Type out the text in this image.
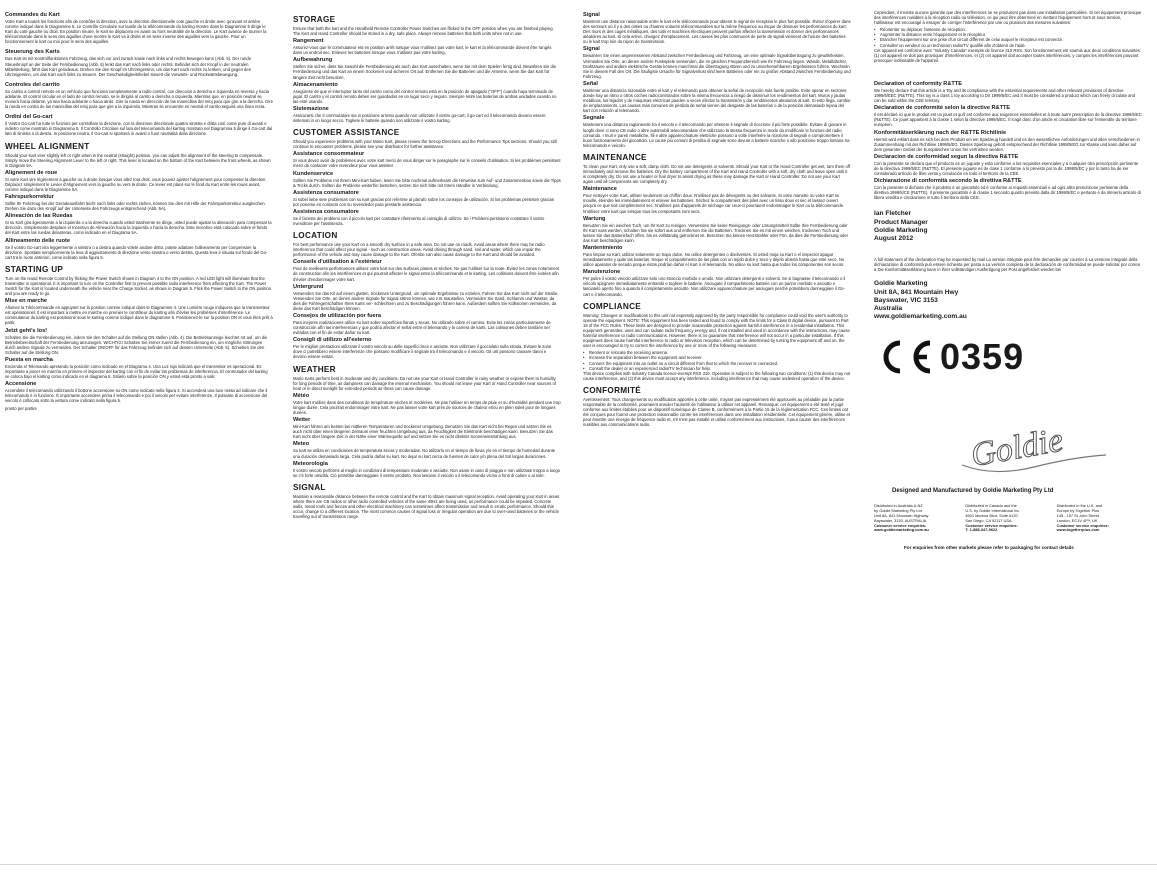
Commandes du Kart
Votre Kart a toutes les fonctions afin de contrôler la direction, avec la direction directionnelle cote gauche et droite avec qu'avant et arrière comme indiqué dans le Diagramme 5. Le Contrôle Circulaire sur lautile de la télécommande du karting montre dans le Diagramme 5 dirige le Kart du coté gauche ou droit. En position neutre, le Kart se déplacera en avant ou hors neutralité de la direction. Le Kart avance de tourner la télécommande dans le sens des aiguilles d'une montre le Kart va à droite et en sens inverse des aiguilles vers la gauche. Pour un fonctionnement le kart ou moi pour le sens des aiguilles.
Steuerung des Karts
Das Kart ist mit Kontrollfunktionen Fahrzeug, das sich vor und zurück sowie nach links und rechts bewegen kann (Abb. 5). Der runde Steuerknopf an der Seite der Fernbedienung (Abb. 5) lenkt das Kart nach links oder rechts. Befindet sich der Knopf in der neutralen Mittelstellung, fährt das Kart geradeaus. Drehen Sie den Knopf im Uhrzeigersinn, um das Kart nach rechts zu lenken, und gegen den Uhrzeigersinn, um das Kart nach links zu steuern. Der Geschwindigkeitshebel steuert die Vorwärts- und Rückwärtsbewegung.
Controles del carrito
Su carrito a control remoto es un vehículo que funciona completamente a radio control, con dirección a derecha e izquierda en reversa y hacia adelante. El control circular en el lado de control remoto, se le dirigirá al carrito a derecha o izquierda. Mientras que, en posición neutral se moverá hacia delante, ya sea hacia adelante o hacia atrás. Gire la rueda en dirección de las manecillas del reloj para que gire a la derecha. Gire la rueda en contra de las manecillas del reloj para que gire a la izquierda. Mientras se encuentre en neutral el carrito seguirá una línea recta.
Ordini del Go-cart
Il Vostro Go-cart ha tutte le funzioni per controllare la direzione, con la direzione direzionale quattro sinistra e dritta così come pure di avanti e indietro come mostrato in Diagramma 5. Il Controllo Circolare sul lato del telecomando del karting mostrato nel Diagramma 5 dirige il Go-cart dal lato di sinistra o di destra. In posizione neutra, il Go-cart si sposterà in avanti o fuori neutralità della direzione.
WHEEL ALIGNMENT
Should your Kart veer slightly left or right when in the neutral (straight) position, you can adjust the alignment of the steering to compensate. Simply move the Steering Alignment Lever to the left or right. This lever is located on the bottom of the Kart between the front wheels, as shown in Diagram 5A.
Alignement de roue
Si votre Kart vire légèrement à gauche ou à droite lorsque vous allez tout droit, vous pouvez ajuster l'alignement pour compenser la direction. Déplacez simplement le Levier d'Alignement vers la gauche ou vers la droite. Ce levier est placé sur le fond du Kart entre les roues avant, comme indiqué dans le Diagramme 5A.
Fahrspurkorrektur
Sollte Ihr Fahrzeug bei der Geradeausfahrt leicht nach links oder rechts ziehen, können Sie dies mit Hilfe der Fahrspurkorrektur ausgleichen. Drehen Sie dazu den Knopf auf der Unterseite des Fahrzeugs entsprechend (Abb. 5A).
Alineación de las Ruedas
Si su Kart gira ligeramente a la izquierda o a la derecha cuando usted totalmente se dirige, usted puede ajustar la alineación para compensar la dirección. Simplemente desplace el Incentivo de Alineación hacia la izquierda o hacia la derecha. Este incentivo está colocado sobre el fondo del Kart entre las ruedas delanteras, como indicado en el Diagrama 5A.
Allineamento delle ruote
Se il vostro Go-cart vira leggermente a sinistra o a destra quando volete andare dritto, potete adattare l'allineamento per compensare la direzione. Spostate semplicemente la leva di aggiustamento di direzione verso sinistra o verso destra. Questa leva è situata sul fondo del Go-cart tra le ruote anteriori, come indicato nella figura 5.
STARTING UP
Turn on the Hand Remote Control by flicking the Power Switch shown in Diagram 4 to the ON position. A red LED light will illuminate that the transmitter is operational. It is important to turn on the Controller first to prevent possible radio interference from affecting the Kart. The Power Switch for the Kart is located underneath the vehicle near the Charge Socket, as shown in Diagram 5. Flick the Power Switch to the ON position and you are ready to go.
Mise en marche
Allumez la Télécommande en appuyant sur la position comme indiqué dans le Diagramme 4. Une Lumière rouge indiquera que la transmetteur est opérationnel. Il est important à mettre en marche en premier le contrôleur du karting afin d'éviter les problèmes d'interférence. Le commutateur du karting est positionné sous le karting comme indiqué dans le diagramme 5. Positionnez-le sur la position ON et vous êtes prêt à partir.
Jetzt geht's los!
Schalten Sie die Fernbedienung ein, indem Sie den Schalter auf die Stellung ON stellen (Abb. 4). Die Betriebsanzeige leuchtet rot auf, um die Betriebsbereitschaft der Fernbedienung anzuzeigen. WICHTIG! Schalten Sie immer zuerst die Fernbedienung ein, um mögliche Störungen durch andere Signale zu vermeiden. Der Schalter ON/OFF für das Fahrzeug befindet sich auf dessen Unterseite (Abb. 5). Schieben Sie den Schalter auf die Stellung ON.
Puesta en marcha
Encienda el Telemando apretando la posición como indicado en el Diagrama 4. Una Luz roja indicará que el transmisor es operacional. Es importante a poner en marcha en primero el inspector del karting con el fin de evitar los problemas de interferencia. El conmutador del karting se coloca bajo el karting como indicado en el diagrama 5. Sitúelo sobre la posición ON y usted está pronto a salir.
Accensione
Accendete il telecomando utilizzando il bottone accensione su ON come indicato nella figura 4. Si accenderà una luce rossa ad indicare che il telecomando è in funzione. È importante accendere prima il telecomando e poi il veicolo per evitare interferenze. Il pulsante di accensione del veicolo è collocato sotto la vettura come indicato nella figura 5.
prosto per partire
STORAGE
Ensure that both the kart and the Handheld Remote Controller Power Switches are flicked to the OFF position when you are finished playing. The Kart and Hand Controller should be stored in a dry, safe place. Always remove batteries that both units when not in use.
Rangement
Assurez-vous que le commutateur est en position arrêt lorsque vous n'utilisez pas votre kart, le kart et la télécommande doivent être rangés dans un endroit sec. Enlevez les batteries lorsque vous n'utilisez pas votre karting.
Aufbewahrung
Stellen Sie sicher, dass Sie sowohl die Fernbedienung als auch das Kart ausschalten, wenn Sie mit dem Spielen fertig sind. Bewahren Sie die Fernbedienung und das Kart an einem trockenen und sicheren Ort auf. Entfernen Sie die Batterien und die Antenne, wenn Sie das Kart für längere Zeit nicht benutzen.
Almacenamiento
Asegúrese de que el interruptor tanto del carrito como del control remoto está en la posición de apagado ("OFF") cuando haya terminado de jugar. El carrito y el control remoto deben ser guardados en un lugar seco y seguro. Siempre retire las baterías de ambas unidades cuando no las esté usando.
Sistemazione
Assicurarsi che il commutatore sia in posizione arresto quando non utilizzate il vostro go-cart; il go-cart ed il telecomando devono essere sistemati in un luogo secco. Togliete le batterie quando non utilizzate il vostro karting.
CUSTOMER ASSISTANCE
Should you experience problems with your Mario Kart, please review the Set-up Directions and the Performance Tips sections. Should you still continue to encounter problems, please see your distributor for further assistance.
Assistance consommateur
Si vous devez avoir de problèmes avec votre kart merci de vous diriger sur le paragraphe sur le conseils d'utilisation. Si les problèmes persistent merci de contacter votre revendeur pour vous assister.
Kundenservice
Sollten Sie Probleme mit Ihrem Mini-Kart haben, lesen Sie bitte nochmal aufmerksam die Hinweise zum Auf- und Zusammenbau sowie die Tipps & Tricks durch. Sollten die Probleme weiterhin bestehen, setzen Sie sich bitte mit Ihrem Händler in Verbindung.
Assistenza consumatore
Si sobel liebe sete problemas con su kart gracias por referirse al párrafo sobre los consejos de utilización. Si los problemas persisten gracias por ponerse en contacto con su revendedor para prestarle asistencia.
Assistenza consumatore
Se il faceste dei problemi con il piccolo kart per contattare riferimento al consiglio di utilizzo. Se i Problemi persistono contattare il vostro rivenditore per l'assistenza.
LOCATION
For best performance use your Kart on a smooth dry surface in a safe area. Do not use on roads. Avoid areas where there may be radio interference that could affect your signal - such as construction areas. Avoid driving through sand, soil and water, which can impair the performance of the vehicle and may cause damage to the Kart. Ofenbe can also cause damage to the Kart and should be avoided.
Conseils d'utilisation à l'extérieur
Pour de meilleures performances utilisez votre kart sur des surfaces planes et sèches. Ne pas l'utiliser sur la route. Évitez les zones notamment de construction afin les interférences et qui pourrait affecter le signal entre la télécommande et le karting. Les collisions doivent être évitées afin d'éviter d'endommager votre kart.
Untergrund
Verwenden Sie das Kit auf einem glatten, trockenen Untergrund, um optimale Ergebnisse zu erzielen. Fahren Sie das Kart nicht auf der Straße. Verwenden Sie Orte, an denen andere Signale für Signal stören können, wie z.B. Baustellen. Vermeiden Sie Sand, Schlamm und Wasser, da dies die Fahreigenschaften Ihres Karts ver- schlechtern und zu Beschädigungen führen kann. Außerdem sollten Sie Kollisionen vermeiden, da diese das Kart beschädigen können.
Consejos de utilización por fuera
Para mejores realizaciones utilice su kart sobre superficies llanas y secas. No utilizarlo sobre el camino. Evite las zonas particularmente de construcción afín las interferencias y que podría afectar el señal entre el telemando y la carrera de karts. Las colisiones deben también ser evitadas con el fin de evitar dañar su kart.
Consigli di utilizzo all'esterno
Per le migliori prestazioni utilizzate il vostro veicolo su delle superfici lisce e asciutte. Non utilizzare il gocciolato sulla strada. Evitare le zone dove ci potrebbero essere interferenze che possano modificare il segnale tra il telecomando e il veicolo. Gli urti possono causare danni e devono essere evitati.
WEATHER
Mario Karts perform best in moderate and dry conditions. Do not use your Kart or Hand Controller in rainy weather or expose them to humidity for long periods of time, as dampness can damage the internal mechanism. You should not leave your Kart or Hand Controller near sources of heat or in direct sunlight for extended periods as these can cause damage.
Météo
Votre kart s'utilise dans des conditions de température sèches et modérées. Ne pas l'utiliser en temps de pluie et ou d'humidité pendant une trop longue durée. Cela pourrait endommager votre kart. Ne pas laisser votre kart près de sources de chaleur et/ou en plein soleil pour de longues durées.
Wetter
Mini-Kart fahren am besten bei mittleren Temperaturen und trockener Umgebung. Benutzen Sie das Kart nicht bei Regen und setzen Sie es auch nicht über einen längeren Zeitraum einer feuchten Umgebung aus, da Feuchtigkeit die Elektronik beschädigen kann. Benutzen Sie das Kart nicht über längere Zeit in der Nähe einer Wärmequelle auf und setzen Sie es nicht direkter Sonneneinstrahlung aus.
Meteo
Su kart se utiliza en condiciones de temperatura secas y moderadas. No utilizarlo en el tiempo de lluvia y/o en el tiempo de humedad durante una duración demasiado larga. Cela podría dañar su kart. No dejar su kart cerca de fuentes de calor y/o plena del Sol largas duraciones.
Meteorologia
Il vostro veicolo performs al meglio in condizioni di temperature moderate e asciutte. Non usare in caso di pioggia e non utilizzate troppo a lungo se c'è forte umidità. Ciò potrebbe danneggiare il vostro prodotto. Non lasciare il veicolo o il telecomando vicino a fonti di calore o al sole.
SIGNAL
Maintain a reasonable distance between the remote control and the Kart to obtain maximum signal reception. Avoid operating your Kart in areas where there are CB radios or other radio controlled vehicles of the same 49Hz are being used, as performance could be impeded. Concrete walls, metal roofs and fences and other electrical machinery can sometimes affect transmission and result in erratic performance. Should this occur, change to a different location. The most common causes of signal loss or irregular operation are due to over-used batteries or the vehicle travelling out of transmission range.
Signal
Maintenir une distance raisonnable entre le kart et le télécommande pour obtenir le signal de réception le plus fort possible. Évitez d'opérer dans des secteurs où il y a des citées ou d'autres voitures télécommandées sur la même fréquence au risque de diminuer les performances du kart. Des murs et des cages métalliques, des toits et machines électriques peuvent parfois affecter la transmission et donner des performances aléatoires au kart. Si cela arrive, changez d'emplacement. Les causes les plus communes de perte de signal viennent de l'usure des batteries ou le kart trop loin du rayon de transmission.
Signal
Bewahren Sie einen angemessenen Abstand zwischen Fernbedienung und Fahrzeug, um eine optimale Signalübertragung zu gewährleisten. Vermeiden Sie Orte, an denen andere Funkspiele verwenden, die im gleichen Frequenzbereich wie Ihr Fahrzeug liegen. Wände, Metalldächer, Drahtzäune und andere elektrische Geräte können manchmal die Übertragung stören und zu unvorhersehbarem Ergebnissen führen. Wechseln Sie in diesem Fall den Ort. Die häufigste Ursache für Signalverlust sind leere Batterien oder ein zu großer Abstand zwischen Fernbedienung und Fahrzeug.
Señal
Mantener una distancia razonable entre el kart y el telemando para obtener la señal de recepción más fuerte posible. Evite operar en sectores donde hay un ritmo o otros coches radiocontrolados sobre la misma frecuencia a riesgo de disminuir los rendimientos del kart. Muros y jaulas metálicas, los tejados y de máquinas eléctricas pueden a veces afectar la transmisión y dar rendimientos aleatorios al kart. Si esto llega, cambie de emplazamiento. Las causas más comunes de pérdida de señal vienen del desgaste de las baterías o de la posición demasiado lejana del kart con relación al telemando.
Segnale
Mantenere una distanza ragionevole tra il veicolo e il telecomando per ottenere il segnale di ricezione il più forte possibile. Evitare di giocare in luoghi dove ci sono CB radio o altre automobili telecomandate che utilizzano la stessa frequenza in modo da modificare le funzioni del radio comando. I muri e pareti metalliche, fili e altre apparecchiature elettriche possono a volte interferire la ricezione di segnali e compromettere il buon funzionamento del giocattolo. Le cause più comuni di perdita di segnale sono dovute a batterie scariche o allo posizione troppo lontana tra telecomando e veicolo.
MAINTENANCE
To clean your Kart, only use a soft, damp cloth. Do not use detergents or solvents. Should your Kart or the Hand Controller get wet, turn them off immediately and remove the batteries. Dry the battery compartment of the Kart and Hand Controller with a soft, dry cloth and leave open until it is completely dry. Do not use a heater or hair dryer to assist drying as these may damage the Kart or Hand Controller. Do not use your Kart again until all components are completely dry.
Maintenance
Pour nettoyer votre Kart, utiliser seulement un chiffon doux. N'utilisez pas de détergents ou des solvants. Si votre manette ou votre Kart se mouillé, éteindre les immédiatement et enlever les batteries. Séchez le compartiment des piles avec un tissu doux et sec et laissez ouvert jusqu'à ce que soit complètement sec. N'utilisez pas d'appareils de séchage car ceux-ci pourraient endommager le Kart ou la télécommande. N'utilisez votre kart que lorsque tous les composants sont secs.
Wartung
Benutzen Sie ein weiches Tuch, um Ihr Kart zu reinigen. Verwenden Sie keine Reinigungs- oder Lösungsmittel! Sollte Ihre Fernbedienung oder Ihr Kart nass werden, schalten Sie sie sofort aus und entfernen Sie die Batterien. Trocknen Sie es mit einem weichen, trockenen Tuch und lassen Sie das Batteriefach offen, bis es vollständig getrocknet ist. Benutzen Sie keinen Heizstrahler oder Fön, da dies die Fernbedienung oder das Kart beschädigen kann.
Mantenimiento
Para limpiar su Kart, utilizar solamente un trapo dulce. No utilice detergentes o disolventes. Si usted moja su Kart o el inspector apagar inmediatamente y quite las baterías. Seque el compartimento de las pilas con un tejido dulce y seco y déjelo abierta hasta que esté seco. No utilice aparatos de secado porque éstos podrían dañar el Kart o el telemando. No utilice su kart hasta que todos los componentes son secos.
Manutenzione
Per pulire il vostro veicolo utilizzare solo uno straccio morbido e umido. Non utilizzare detergenti o solventi. Se si bagnasse il telecomando o il veicolo spegnere immediatamente entrambi e togliere le batterie. Asciugate il compartimento batterie con un panno morbido e asciutto e lasciatelo aperto fino a quando il completamente asciutto. Non utilizzare apparecchiature per asciugare perché potrebbero danneggiare il Go-cart o il telecomando.
COMPLIANCE
Warning: Changes or modifications to this unit not expressly approved by the party responsible for compliance could void the user's authority to operate the equipment. NOTE: This equipment has been tested and found to comply with the limits for a Class B digital device, pursuant to Part 15 of the FCC Rules. These limits are designed to provide reasonable protection against harmful interference in a residential installation. This equipment generates, uses and can radiate radio frequency energy and, if not installed and used in accordance with the instructions, may cause harmful interference to radio communications. However, there is no guarantee that interference will not occur in a particular installation. If this equipment does cause harmful interference to radio or television reception, which can be determined by turning the equipment off and on, the user is encouraged to try to correct the interference by one or more of the following measures:
• Reorient or relocate the receiving antenna.
• Increase the separation between the equipment and receiver.
• Connect the equipment into an outlet on a circuit different from that to which the receiver is connected.
• Consult the dealer or an experienced radio/TV technician for help.
This device complies with Industry Canada licence-exempt RSS 310. Operation is subject to the following two conditions: (1) this device may not cause interference, and (2) this device must accept any interference, including interference that may cause undesired operation of the device.
CONFORMITÉ
Avertissement: Tous changements ou modification apportés à cette unité, n'ayant pas expressément été approuvés au préalable par la partie responsable de la conformité, pourraient annuler l'autorité de l'utilisateur à utiliser cet appareil. Remarque: cet équipement a été testé et jugé conforme aux limites établies pour un dispositif numérique de Classe B, conformément à la Partie 15 de la réglementation FCC. Ces limites ont été conçues pour fournir une protection raisonnable contre les interférences dans une installation résidentielle. Cet équipement génère, utilise et peut émettre une énergie de fréquence radio et, s'il n'est pas installé et utilisé conformément aux instructions, il peut causer des interférences nuisibles aux communications radio.
Cependant, il n'existe aucune garantie que des interférences ne se produiront pas dans une installation particulière. Si cet équipement provoque des interférences nuisibles à la réception radio ou télévision, ce qui peut être déterminé en mettant l'équipement hors et sous tension, l'utilisateur est encouragé à essayer de corriger l'interférence par une ou plusieurs des mesures suivantes:
• Réorienter ou déplacer l'antenne de réception.
• Augmenter la distance entre l'équipement et le récepteur.
• Brancher l'équipement sur une prise d'un circuit différent de celui auquel le récepteur est connecté.
• Consulter un vendeur ou un technicien radio/TV qualifié afin d'obtenir de l'aide.
Cet appareil est conforme avec "Industry Canada" exempte de licence 310 RSS. Son fonctionnement est soumis aux deux conditions suivantes: (1) cet appareil ne doit pas provoquer d'interférences, et (2) cet appareil doit accepter toutes interférences, y compris les interférences pouvant provoquer indésirable de l'appareil.
Declaration of conformity R&TTE
We hereby declare that this article is a Toy and its compliance with the essential requirements and other relevant provisions of directive 1999/5/EEC (R&TTE). This toy is a class 1 toy according to Dir 1999/5/EC and it must be considered a product which can freely circulate and can be sold within the CEE territory.
Déclaration de conformité selon la directive R&TTE
Il est déclaré ici que le produit est un jouet et qu'il est conforme aux exigences essentielles et à toute autre prescription de la directive 1999/5/EC (R&TTE). Ce jouet appartient à la classe 1 selon la directive 1999/5/EC. Il s'agit donc d'un article et circulation libre sur l'ensemble du territoire européen.
Konformitätserklärung nach der R&TTE Richtlinie
Hiermit wird erklärt dass es sich bei dem Produkt um ein Spielzeug handelt und es den wesentlichen Anforderungen und allen verschiedenen in Zusammenhang mit der Richtlinie 1999/5/EG. Dieses Spielzeug gehört entsprechend der Richtlinie 1999/5/EG zur Klasse und kann daher auf dem gesamten Gebiet der Europäischen Union frei vertrieben werden.
Declaracion de conformidad segun la directiva R&TTE
Con la presente se declara que el producto es un juguete y esta conforme a los requisitos esenciales y a cualquier otra prescripción pertinente de la directiva 1999/5/EC (R&TTE). El presente juguete es de clase 1 conforme a lo previsto por la dir. 1999/5/EC y por lo tanto ha de ser considerado artículo de libre venta y circulación en todo el territorio de la CEE.
Dichiarazione di conformità secondo la direttiva R&TTE
Con la presente si dichiara che il prodotto è un giocattolo ed è conforme ai requisiti essenziali e ad ogni altra prescrizione pertinente della direttiva 1999/5/CE (R&TTE). Il presente giocattolo è di classe 1 secondo quanto previsto dalla dir 1999/5/EC e pertanto è da ritenersi articolo di libera vendita e circolazione in tutto il territorio della CEE.
Ian Fletcher
Product Manager
Goldie Marketing
August 2012
A full statement of the declaration may be requested by mail La version intégrale peut être demandée par courrier à La versione integrale della dichiarazione di conformità può essere richiesta per posta a La versión completa de la declaración de conformidad se puede solicitar por correo a Die Konformitätserklärung kann in ihrer vollständigen Ausfertigung per Post angefordert werden bei
Goldie Marketing
Unit 8A, 841 Mountain Hwy
Bayswater, VIC 3153
Australia
www.goldiemarketing.com.au
0359
Goldie
Designed and Manufactured by Goldie Marketing Pty Ltd
Distributed in Australia & NZ
by Goldie Marketing Pty Ltd
Unit 8A, 841 Mountain Highway
Bayswater, 3153, AUSTRALIA
Customer service enquiries:
www.goldiemarketing.com.au
Distributed in Canada and the
U.S. by Goldie International Inc
4601 Morena Blvd. Suite #120
San Diego, CA 92117 USA
Customer service enquiries:
T: 1-888-347-9622
Distributed in the U.K. and
Europe by Together Plus
145 - 157 St John Street
London, EC1V 4PY, UK
Customer service enquiries:
www.togetherplus.com
For enquiries from other markets please refer to packaging for contact details
